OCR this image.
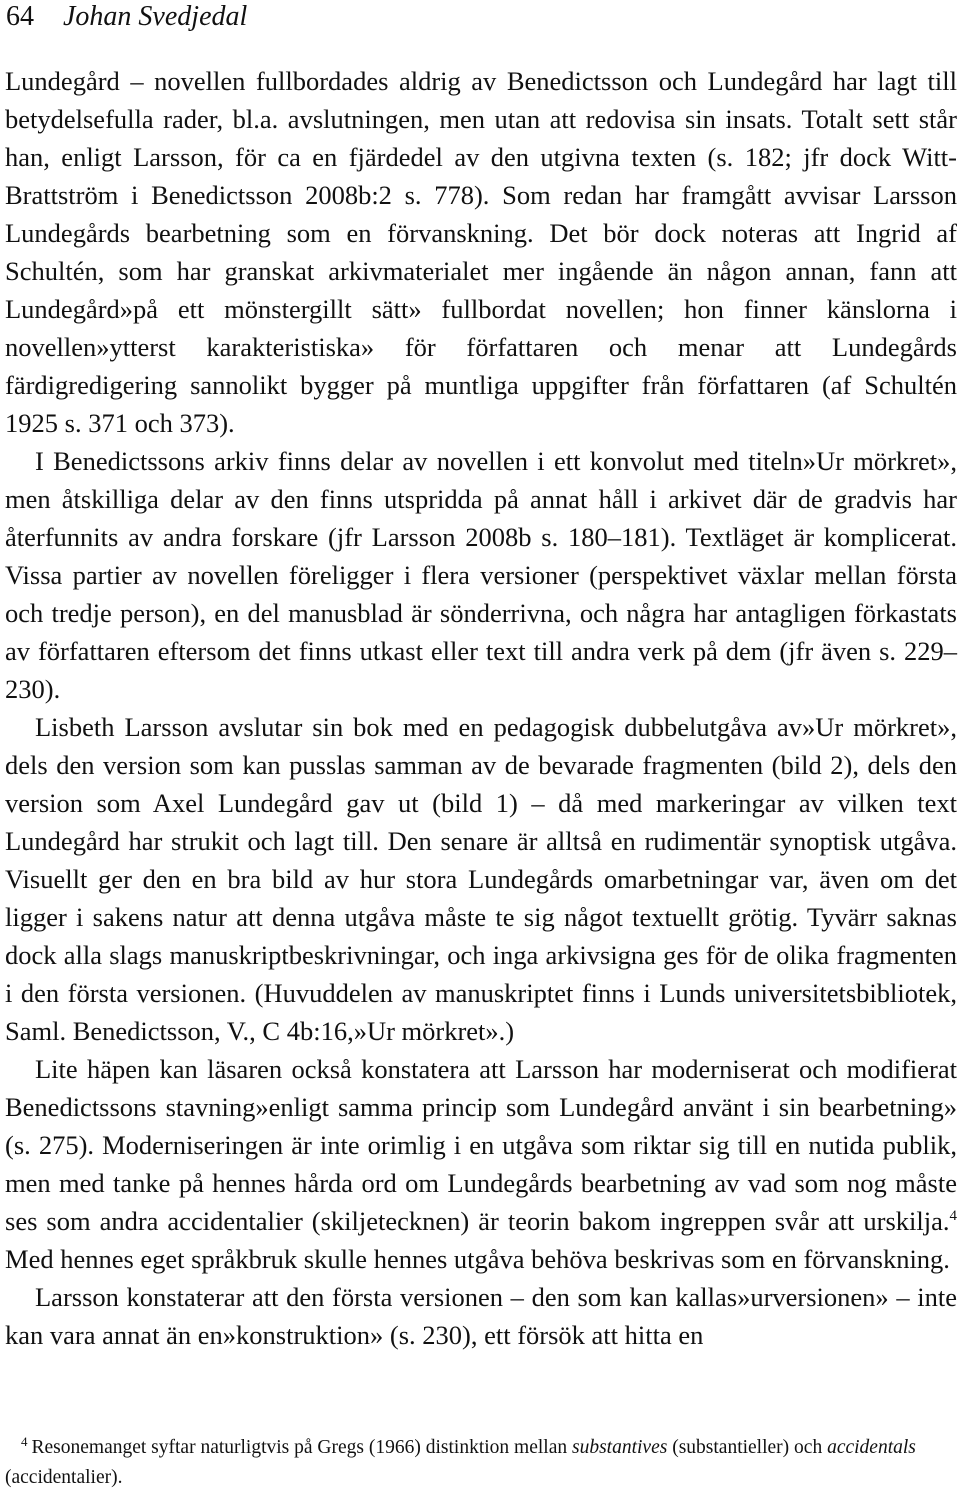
64 Johan Svedjedal

Lundegård – novellen fullbordades aldrig av Benedictsson och Lundegård har lagt till betydelsefulla rader, bl.a. avslutningen, men utan att redovisa sin insats. Totalt sett står han, enligt Larsson, för ca en fjärdedel av den utgivna texten (s. 182; jfr dock Witt-Brattström i Benedictsson 2008b:2 s. 778). Som redan har framgått avvisar Larsson Lundegårds bearbetning som en förvanskning. Det bör dock noteras att Ingrid af Schultén, som har granskat arkivmaterialet mer ingående än någon annan, fann att Lundegård»på ett mönstergillt sätt» fullbordat novellen; hon finner känslorna i novellen»ytterst karakteristiska» för författaren och menar att Lundegårds färdigredigering sannolikt bygger på muntliga uppgifter från författaren (af Schultén 1925 s. 371 och 373).

I Benedictssons arkiv finns delar av novellen i ett konvolut med titeln»Ur mörkret», men åtskilliga delar av den finns utspridda på annat håll i arkivet där de gradvis har återfunnits av andra forskare (jfr Larsson 2008b s. 180–181). Textläget är komplicerat. Vissa partier av novellen föreligger i flera versioner (perspektivet växlar mellan första och tredje person), en del manusblad är sönderrivna, och några har antagligen förkastats av författaren eftersom det finns utkast eller text till andra verk på dem (jfr även s. 229–230).

Lisbeth Larsson avslutar sin bok med en pedagogisk dubbelutgåva av»Ur mörkret», dels den version som kan pusslas samman av de bevarade fragmenten (bild 2), dels den version som Axel Lundegård gav ut (bild 1) – då med markeringar av vilken text Lundegård har strukit och lagt till. Den senare är alltså en rudimentär synoptisk utgåva. Visuellt ger den en bra bild av hur stora Lundegårds omarbetningar var, även om det ligger i sakens natur att denna utgåva måste te sig något textuellt grötig. Tyvärr saknas dock alla slags manuskriptbeskrivningar, och inga arkivsigna ges för de olika fragmenten i den första versionen. (Huvuddelen av manuskriptet finns i Lunds universitetsbibliotek, Saml. Benedictsson, V., C 4b:16,»Ur mörkret».)

Lite häpen kan läsaren också konstatera att Larsson har moderniserat och modifierat Benedictssons stavning»enligt samma princip som Lundegård använt i sin bearbetning» (s. 275). Moderniseringen är inte orimlig i en utgåva som riktar sig till en nutida publik, men med tanke på hennes hårda ord om Lundegårds bearbetning av vad som nog måste ses som andra accidentalier (skiljetecknen) är teorin bakom ingreppen svår att urskilja.$^4$ Med hennes eget språkbruk skulle hennes utgåva behöva beskrivas som en förvanskning.

Larsson konstaterar att den första versionen – den som kan kallas»urversionen» – inte kan vara annat än en»konstruktion» (s. 230), ett försök att hitta en

$^4$ Resonemanget syftar naturligtvis på Gregs (1966) distinktion mellan substantives (substantieller) och accidentals (accidentalier).
